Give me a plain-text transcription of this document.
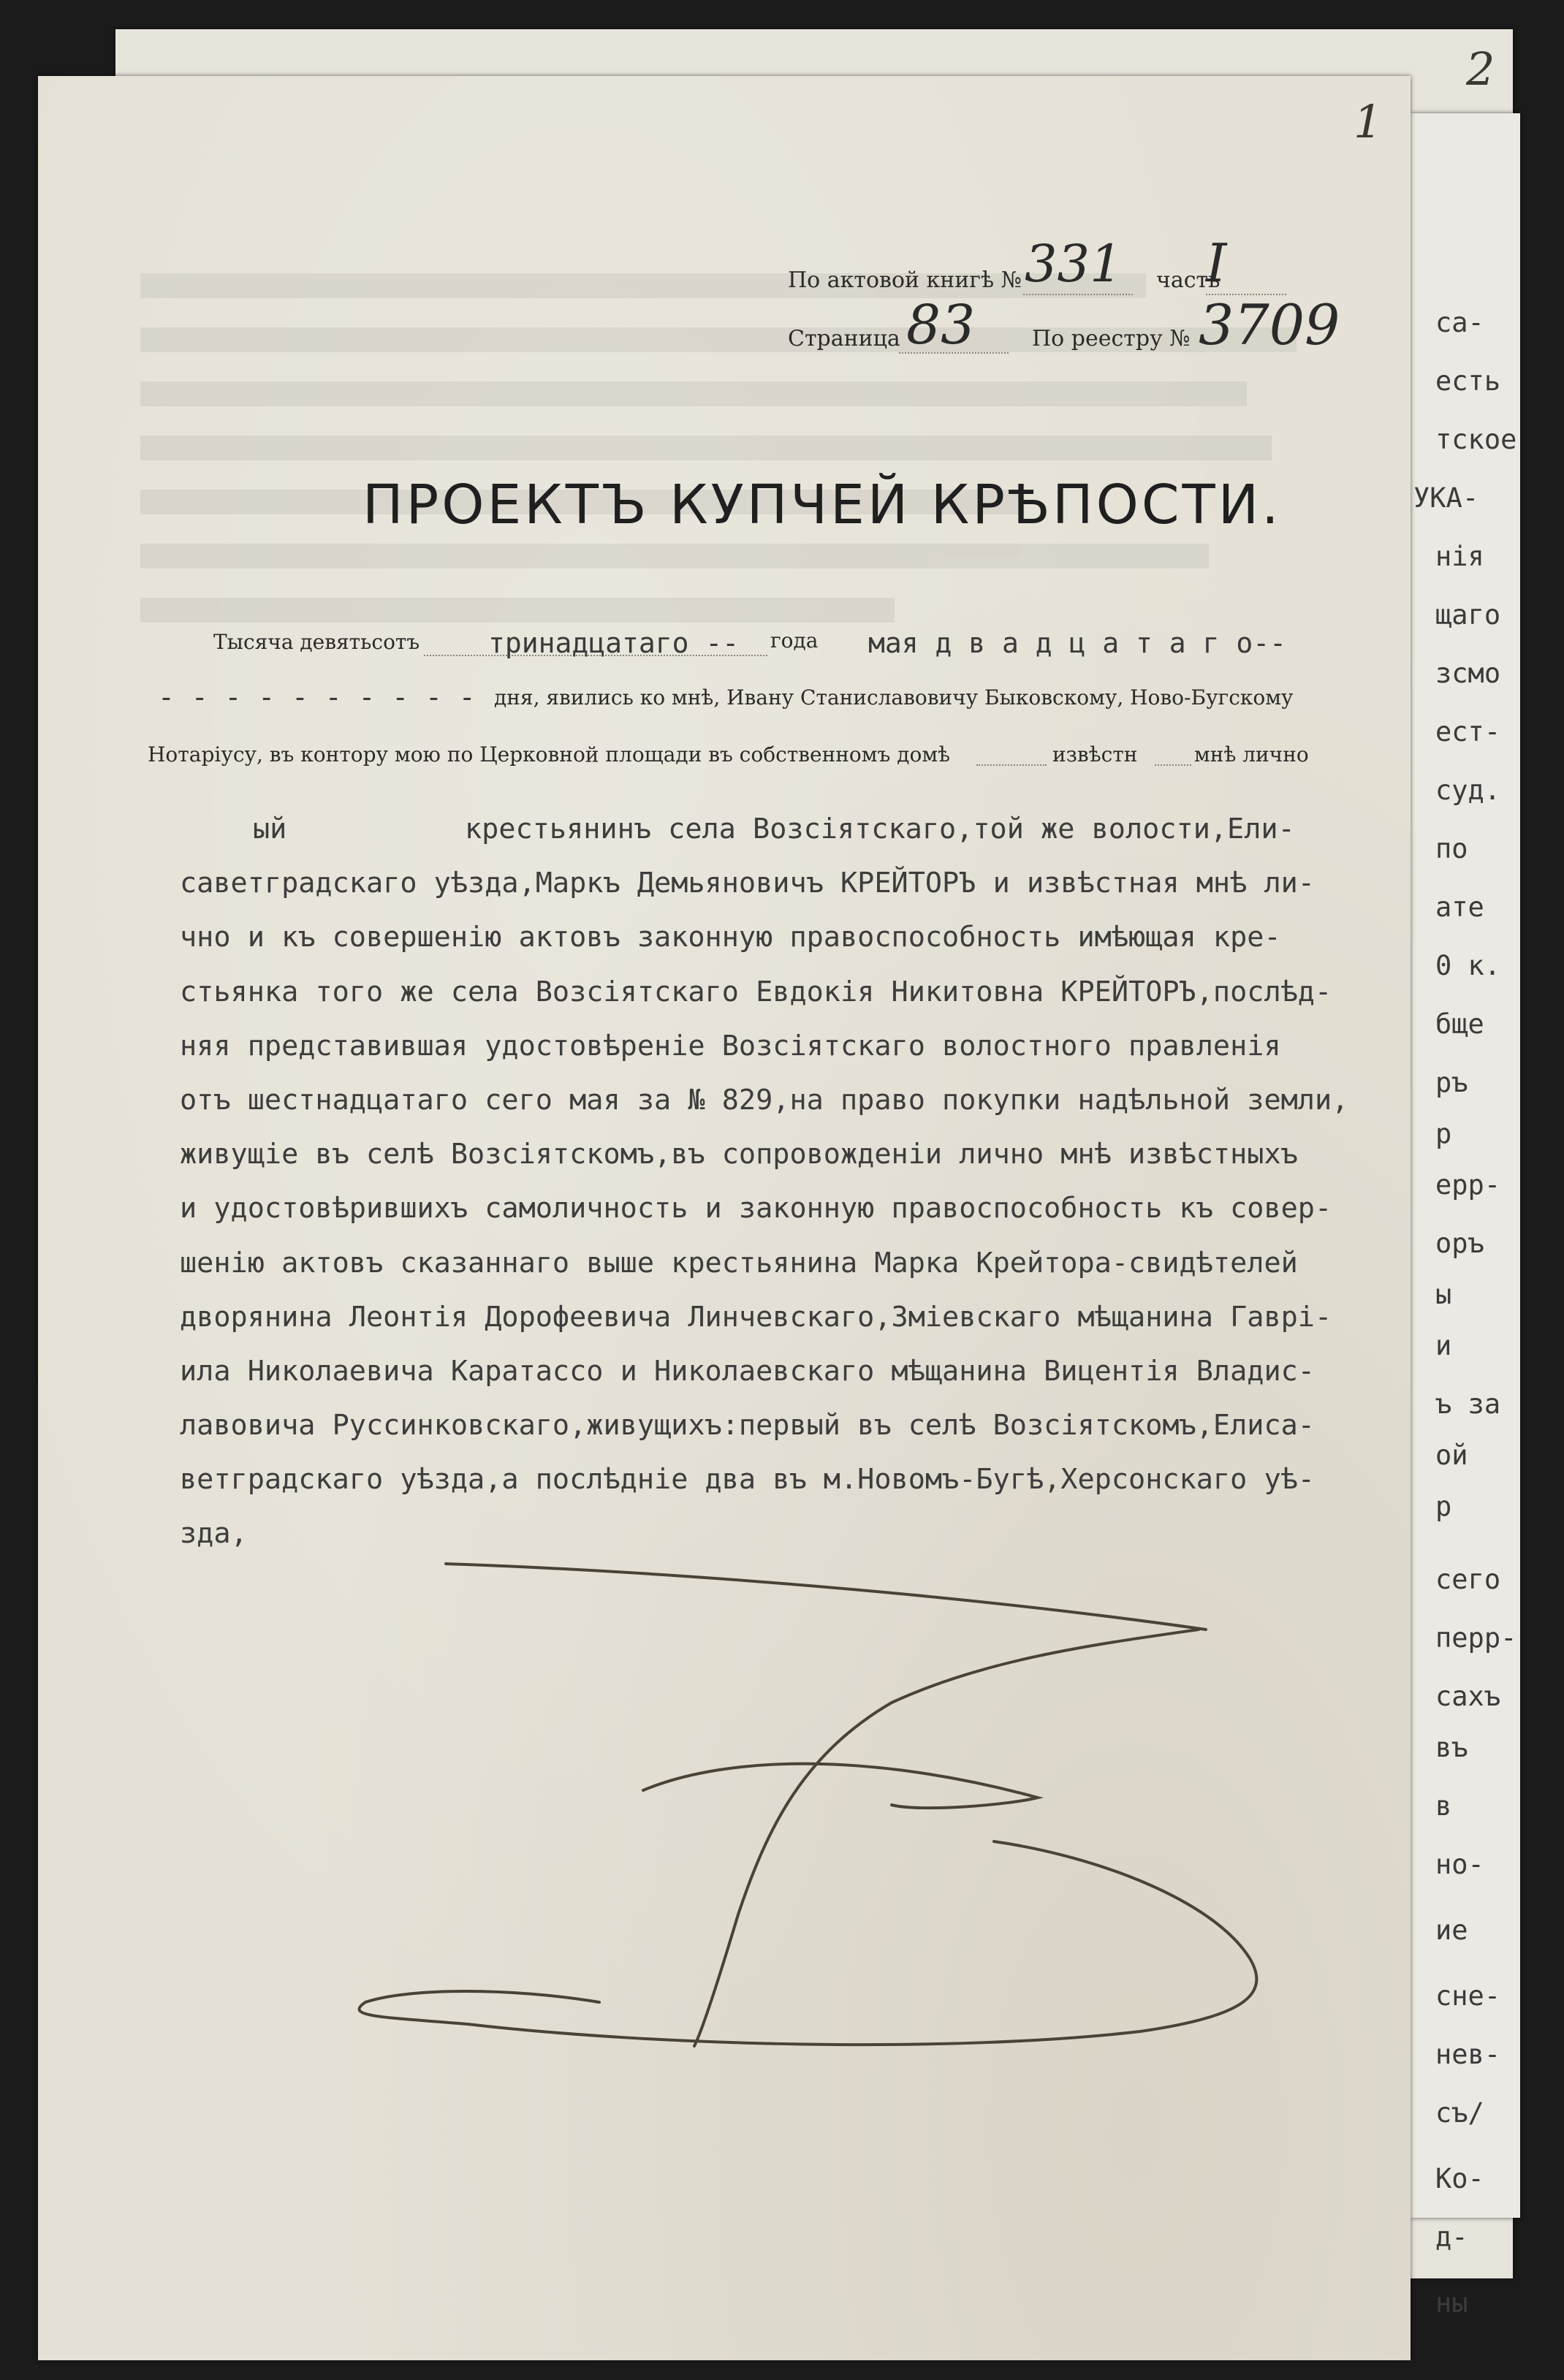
2
са-
есть
тское
УКА-
нія
щаго
зсмо
ест-
суд.
по
ате
0 к.
бще
ръ
р
ерр-
оръ
ы
и
ъ за
ой
р
сего
перр-
сахъ
въ
в
но-
ие
сне-
нев-
съ/
Ко-
д-
ны
1
По актовой книгѣ № 331 часть
I
Страница 83	По реестру № 3709
ПРОЕКТЪ КУПЧЕЙ КРѢПОСТИ.
Тысяча девятьсотъ тринадцатаго -- года мая д в а д ц а т а г о--
- - - - - - - - - - дня, явились ко мнѣ, Ивану Станиславовичу Быковскому, Ново-Бугскому
Нотаріусу, въ контору мою по Церковной площади въ собственномъ домѣ	извѣстн	мнѣ лично
ый	крестьянинъ села Возсіятскаго,той же волости,Ели-
саветградскаго уѣзда,Маркъ Демьяновичъ КРЕЙТОРЪ и извѣстная мнѣ ли-
чно и къ совершенію актовъ законную правоспособность имѣющая кре-
стьянка того же села Возсіятскаго Евдокія Никитовна КРЕЙТОРЪ,послѣд-
няя представившая удостовѣреніе Возсіятскаго волостного правленія
отъ шестнадцатаго сего мая за № 829,на право покупки надѣльной земли,
живущіе въ селѣ Возсіятскомъ,въ сопровожденіи лично мнѣ извѣстныхъ
и удостовѣрившихъ самоличность и законную правоспособность къ совер-
шенію актовъ сказаннаго выше крестьянина Марка Крейтора-свидѣтелей
дворянина Леонтія Дорофеевича Линчевскаго,Зміевскаго мѣщанина Гаврі-
ила Николаевича Каратассо и Николаевскаго мѣщанина Вицентія Владис-
лавовича Руссинковскаго,живущихъ:первый въ селѣ Возсіятскомъ,Елиса-
ветградскаго уѣзда,а послѣдніе два въ м.Новомъ-Бугѣ,Херсонскаго уѣ-
зда,
